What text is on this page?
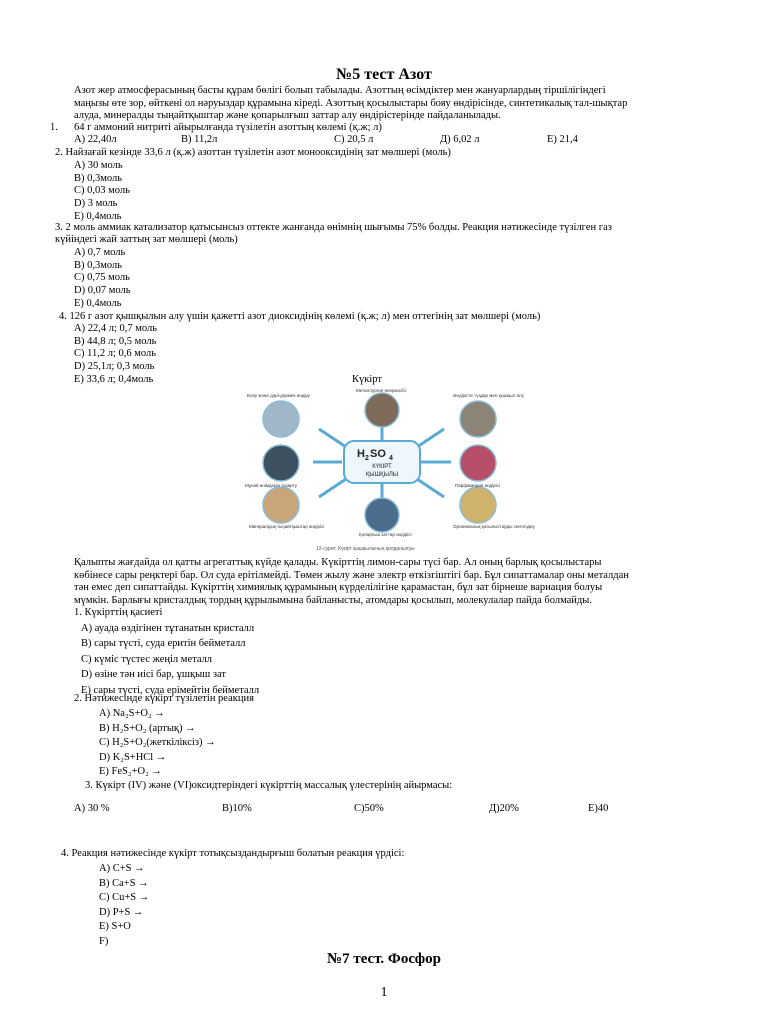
№5 тест Азот
Азот жер атмосферасының басты құрам бөлігі болып табылады. Азоттың өсімдіктер мен жануарлардың тіршілігіндегі
маңызы өте зор, өйткені ол нәруыздар құрамына кіреді. Азоттың қосылыстары бояу өндірісінде, синтетикалық тал-шықтар
алуда, минералды тыңайтқыштар және қопарылғыш заттар алу өндірістерінде пайдаланылады.
1. 64 г аммоний нитриті айырылғанда түзілетін азоттың көлемі (қ.ж; л)
А) 22,40л	В) 11,2л	С) 20,5 л	Д) 6,02 л	Е) 21,4
2. Найзағай кезінде 33,6 л (қ.ж) азоттан түзілетін азот монооксидінің зат мөлшері (моль)
А) 30 моль
В) 0,3моль
С) 0,03 моль
D) 3 моль
Е) 0,4моль
3. 2 моль аммиак катализатор қатысынсыз оттекте жанғанда өнімнің шығымы 75% болды. Реакция нәтижесінде түзілген газ
күйіндегі жай заттың зат мөлшері (моль)
А) 0,7 моль
В) 0,3моль
С) 0,75 моль
D) 0,07 моль
Е) 0,4моль
4. 126 г азот қышқылын алу үшін қажетті азот диоксидінің көлемі (қ.ж; л) мен оттегінің зат мөлшері (моль)
А) 22,4 л; 0,7 моль
В) 44,8 л; 0,5 моль
С) 11,2 л; 0,6 моль
D) 25,1л; 0,3 моль
Е) 33,6 л; 0,4моль	Күкірт
H 2 SO 4
КҮКІРТ
ҚЫШҚЫЛЫ
Бояу және дәрі-дәрмек өндіру
Металлургия өнеркәсібі
Өндірісте түздар мен қышқыл алу
Мұнай өнімдерін тазарту	Парфюмерия өндірісі
Минералдық тыңайтқыштар өндірісі
Қопарғыш заттар өндірісі
Органикалық қосылыстарды синтездеу
12-сурет. Күкірт қышқылының қолданылуы
Қалыпты жағдайда ол қатты агрегаттық күйде қалады. Күкірттің лимон-сары түсі бар. Ал оның барлық қосылыстары
көбінесе сары реңктері бар. Ол суда ерітілмейді. Төмен жылу және электр өткізгіштігі бар. Бұл сипаттамалар оны металдан
тән емес деп сипаттайды. Күкірттің химиялық құрамының күрделілігіне қарамастан, бұл зат бірнеше вариация болуы
мүмкін. Барлығы кристалдық тордың құрылымына байланысты, атомдары қосылып, молекулалар пайда болмайды.
1. Күкірттің қасиеті
А) ауада өздігінен тұтанатын кристалл
В) сары түсті, суда еритін бейметалл
С) күміс түстес жеңіл металл
D) өзіне тән иісі бар, ұшқыш зат
Е) сары түсті, суда ерімейтін бейметалл
2. Нәтижесінде күкірт түзілетін реакция
А) Na₂S+O₂ →
В) H₂S+O₂ (артық) →
С) H₂S+O₂(жеткіліксіз) →
D) K₂S+HCl →
Е) FeS₂+O₂ →
3. Күкірт (IV) және (VI)оксидтеріндегі күкірттің массалық үлестерінің айырмасы:
А) 30 %	В)10%	С)50%	Д)20%	Е)40
4. Реакция нәтижесінде күкірт тотықсыздандырғыш болатын реакция үрдісі:
А) C+S →
В) Ca+S →
С) Cu+S →
D) P+S →
Е) S+O
F)
№7 тест. Фосфор
1
